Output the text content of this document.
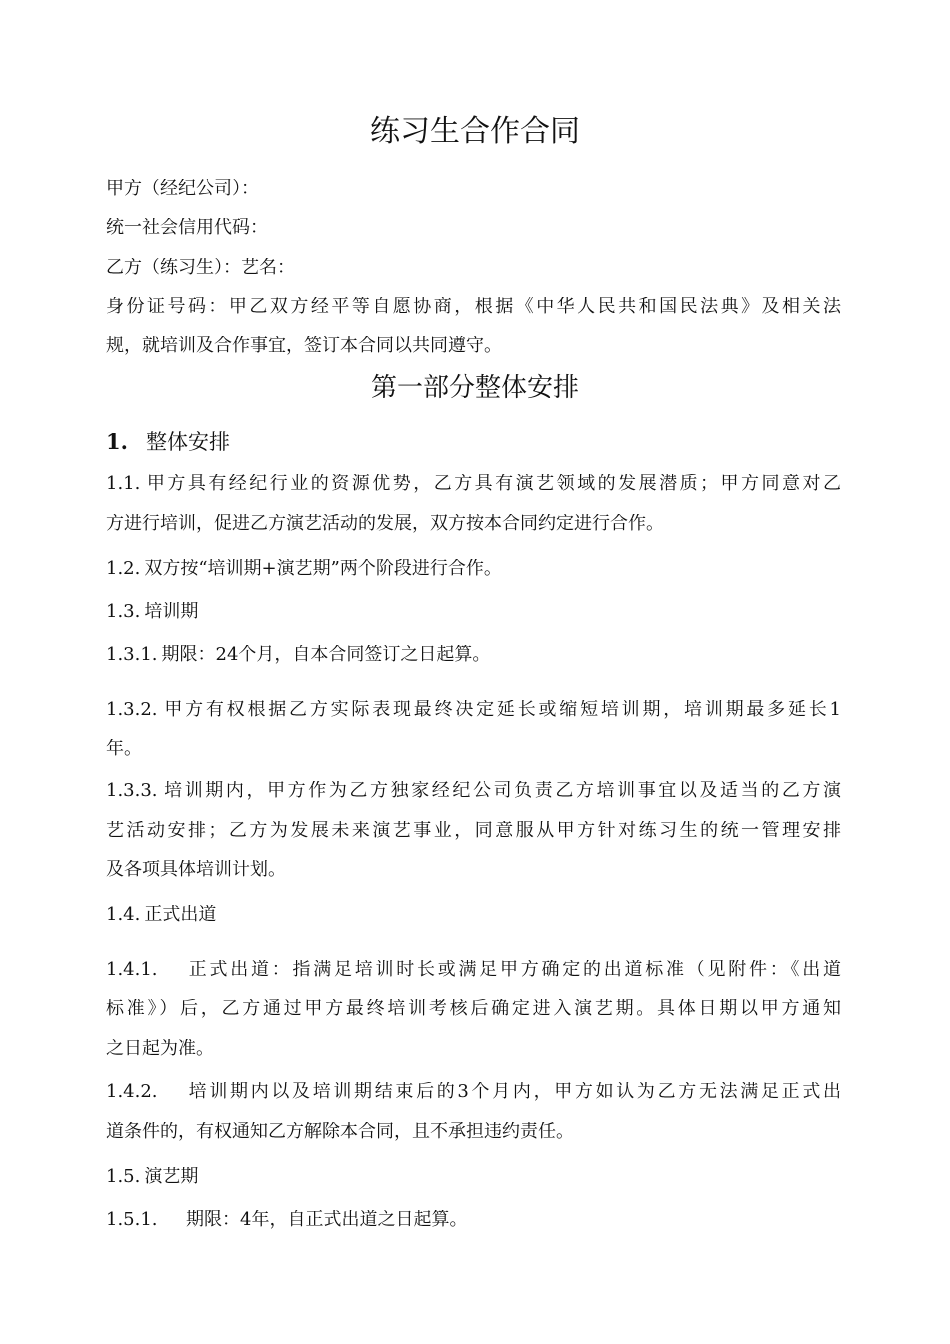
练习生合作合同
甲方（经纪公司）：
统一社会信用代码：
乙方（练习生）：艺名：
身份证号码：甲乙双方经平等自愿协商，根据《中华人民共和国民法典》及相关法
规，就培训及合作事宜，签订本合同以共同遵守。
第一部分整体安排
1. 整体安排
1.1. 甲方具有经纪行业的资源优势，乙方具有演艺领域的发展潜质；甲方同意对乙
方进行培训，促进乙方演艺活动的发展，双方按本合同约定进行合作。
1.2. 双方按“培训期+演艺期”两个阶段进行合作。
1.3. 培训期
1.3.1. 期限：24个月，自本合同签订之日起算。
1.3.2. 甲方有权根据乙方实际表现最终决定延长或缩短培训期，培训期最多延长1
年。
1.3.3. 培训期内，甲方作为乙方独家经纪公司负责乙方培训事宜以及适当的乙方演
艺活动安排；乙方为发展未来演艺事业，同意服从甲方针对练习生的统一管理安排
及各项具体培训计划。
1.4. 正式出道
1.4.1. 正式出道：指满足培训时长或满足甲方确定的出道标准（见附件：《出道
标准》）后，乙方通过甲方最终培训考核后确定进入演艺期。具体日期以甲方通知
之日起为准。
1.4.2. 培训期内以及培训期结束后的3个月内，甲方如认为乙方无法满足正式出
道条件的，有权通知乙方解除本合同，且不承担违约责任。
1.5. 演艺期
1.5.1. 期限：4年，自正式出道之日起算。
